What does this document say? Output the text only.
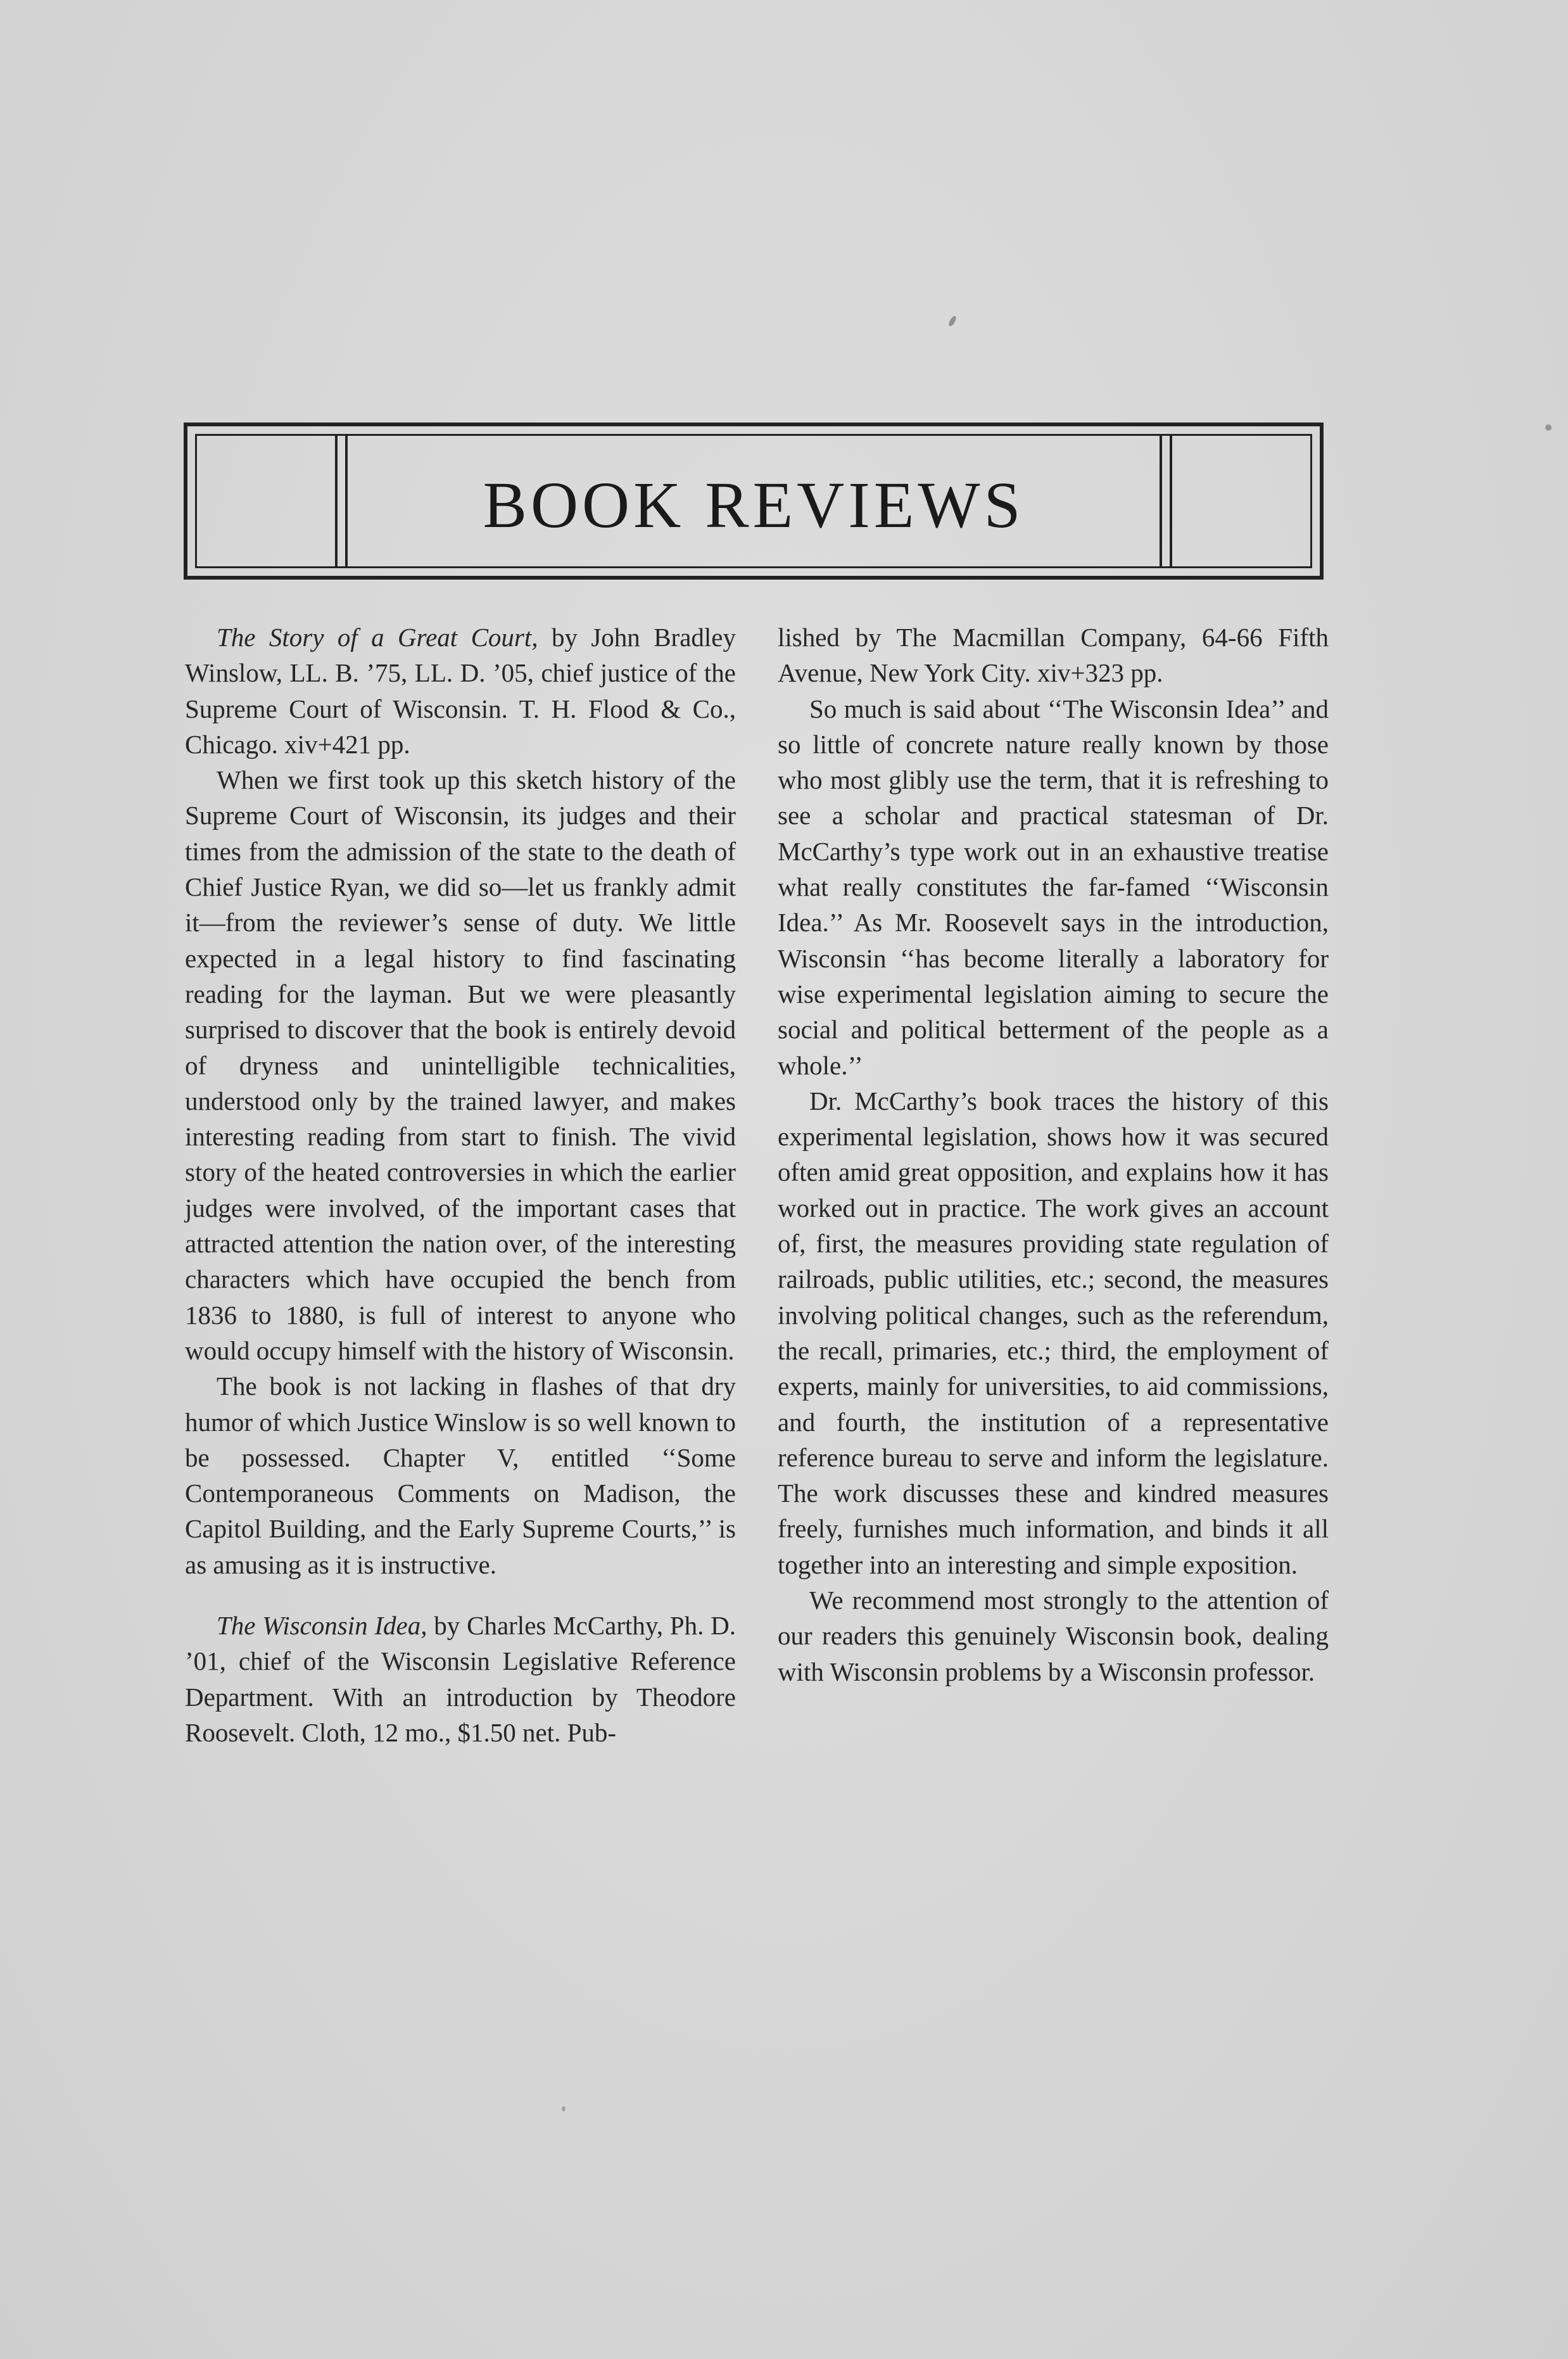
BOOK REVIEWS

The Story of a Great Court, by John Bradley Winslow, LL. B. ’75, LL. D. ’05, chief justice of the Supreme Court of Wisconsin. T. H. Flood & Co., Chicago. xiv+421 pp.

When we first took up this sketch history of the Supreme Court of Wisconsin, its judges and their times from the admission of the state to the death of Chief Justice Ryan, we did so—let us frankly admit it—from the reviewer’s sense of duty. We little expected in a legal history to find fascinating reading for the layman. But we were pleasantly surprised to discover that the book is entirely devoid of dryness and unintelligible technicalities, understood only by the trained lawyer, and makes interesting reading from start to finish. The vivid story of the heated controversies in which the earlier judges were involved, of the important cases that attracted attention the nation over, of the interesting characters which have occupied the bench from 1836 to 1880, is full of interest to anyone who would occupy himself with the history of Wisconsin.

The book is not lacking in flashes of that dry humor of which Justice Winslow is so well known to be possessed. Chapter V, entitled ‘‘Some Contemporaneous Comments on Madison, the Capitol Building, and the Early Supreme Courts,’’ is as amusing as it is instructive.

The Wisconsin Idea, by Charles McCarthy, Ph. D. ’01, chief of the Wisconsin Legislative Reference Department. With an introduction by Theodore Roosevelt. Cloth, 12 mo., $1.50 net. Pub-

lished by The Macmillan Company, 64-66 Fifth Avenue, New York City. xiv+323 pp.

So much is said about ‘‘The Wisconsin Idea’’ and so little of concrete nature really known by those who most glibly use the term, that it is refreshing to see a scholar and practical statesman of Dr. McCarthy’s type work out in an exhaustive treatise what really constitutes the far-famed ‘‘Wisconsin Idea.’’ As Mr. Roosevelt says in the introduction, Wisconsin ‘‘has become literally a laboratory for wise experimental legislation aiming to secure the social and political betterment of the people as a whole.’’

Dr. McCarthy’s book traces the history of this experimental legislation, shows how it was secured often amid great opposition, and explains how it has worked out in practice. The work gives an account of, first, the measures providing state regulation of railroads, public utilities, etc.; second, the measures involving political changes, such as the referendum, the recall, primaries, etc.; third, the employment of experts, mainly for universities, to aid commissions, and fourth, the institution of a representative reference bureau to serve and inform the legislature. The work discusses these and kindred measures freely, furnishes much information, and binds it all together into an interesting and simple exposition.

We recommend most strongly to the attention of our readers this genuinely Wisconsin book, dealing with Wisconsin problems by a Wisconsin professor.
